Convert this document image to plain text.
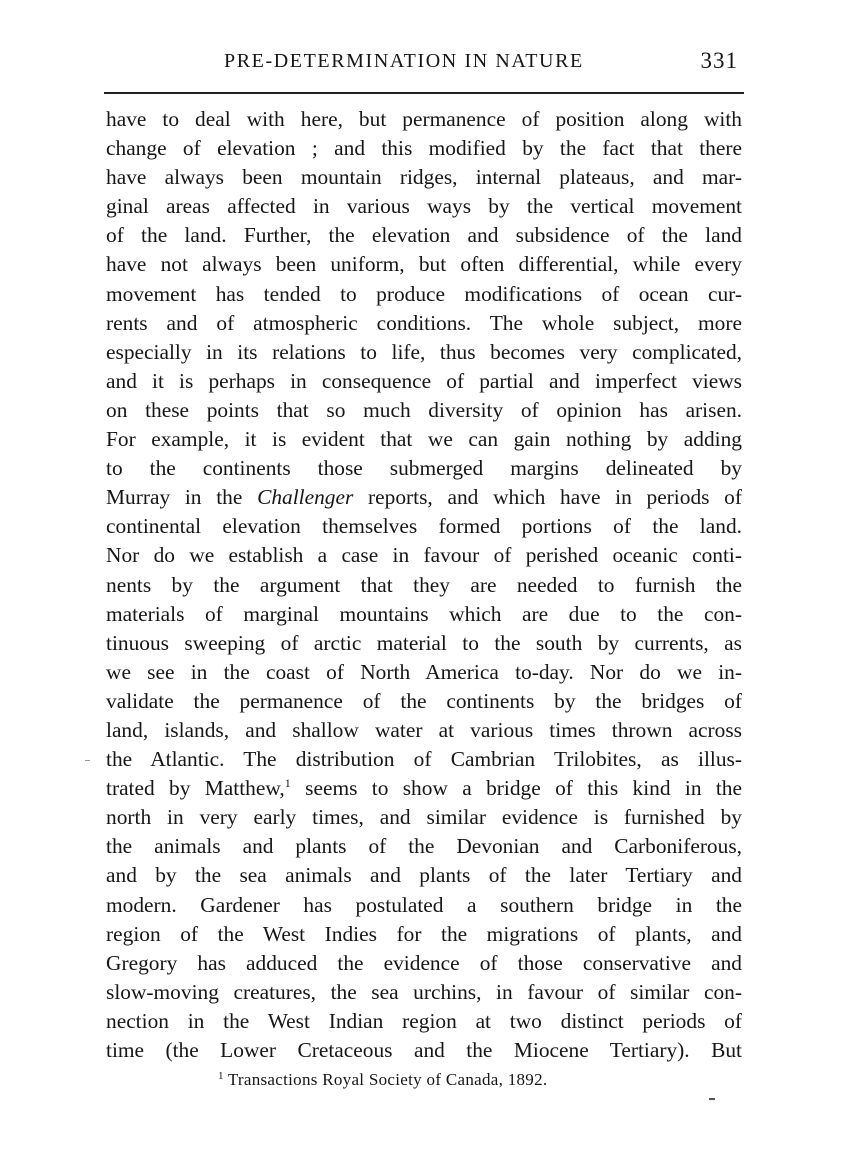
PRE-DETERMINATION IN NATURE	331
have to deal with here, but permanence of position along with
change of elevation ; and this modified by the fact that there
have always been mountain ridges, internal plateaus, and mar-
ginal areas affected in various ways by the vertical movement
of the land. Further, the elevation and subsidence of the land
have not always been uniform, but often differential, while every
movement has tended to produce modifications of ocean cur-
rents and of atmospheric conditions. The whole subject, more
especially in its relations to life, thus becomes very complicated,
and it is perhaps in consequence of partial and imperfect views
on these points that so much diversity of opinion has arisen.
For example, it is evident that we can gain nothing by adding
to the continents those submerged margins delineated by
Murray in the Challenger reports, and which have in periods of
continental elevation themselves formed portions of the land.
Nor do we establish a case in favour of perished oceanic conti-
nents by the argument that they are needed to furnish the
materials of marginal mountains which are due to the con-
tinuous sweeping of arctic material to the south by currents, as
we see in the coast of North America to-day. Nor do we in-
validate the permanence of the continents by the bridges of
land, islands, and shallow water at various times thrown across
the Atlantic. The distribution of Cambrian Trilobites, as illus-
trated by Matthew,$^1$ seems to show a bridge of this kind in the
north in very early times, and similar evidence is furnished by
the animals and plants of the Devonian and Carboniferous,
and by the sea animals and plants of the later Tertiary and
modern. Gardener has postulated a southern bridge in the
region of the West Indies for the migrations of plants, and
Gregory has adduced the evidence of those conservative and
slow-moving creatures, the sea urchins, in favour of similar con-
nection in the West Indian region at two distinct periods of
time (the Lower Cretaceous and the Miocene Tertiary). But
$^1$ Transactions Royal Society of Canada, 1892.
